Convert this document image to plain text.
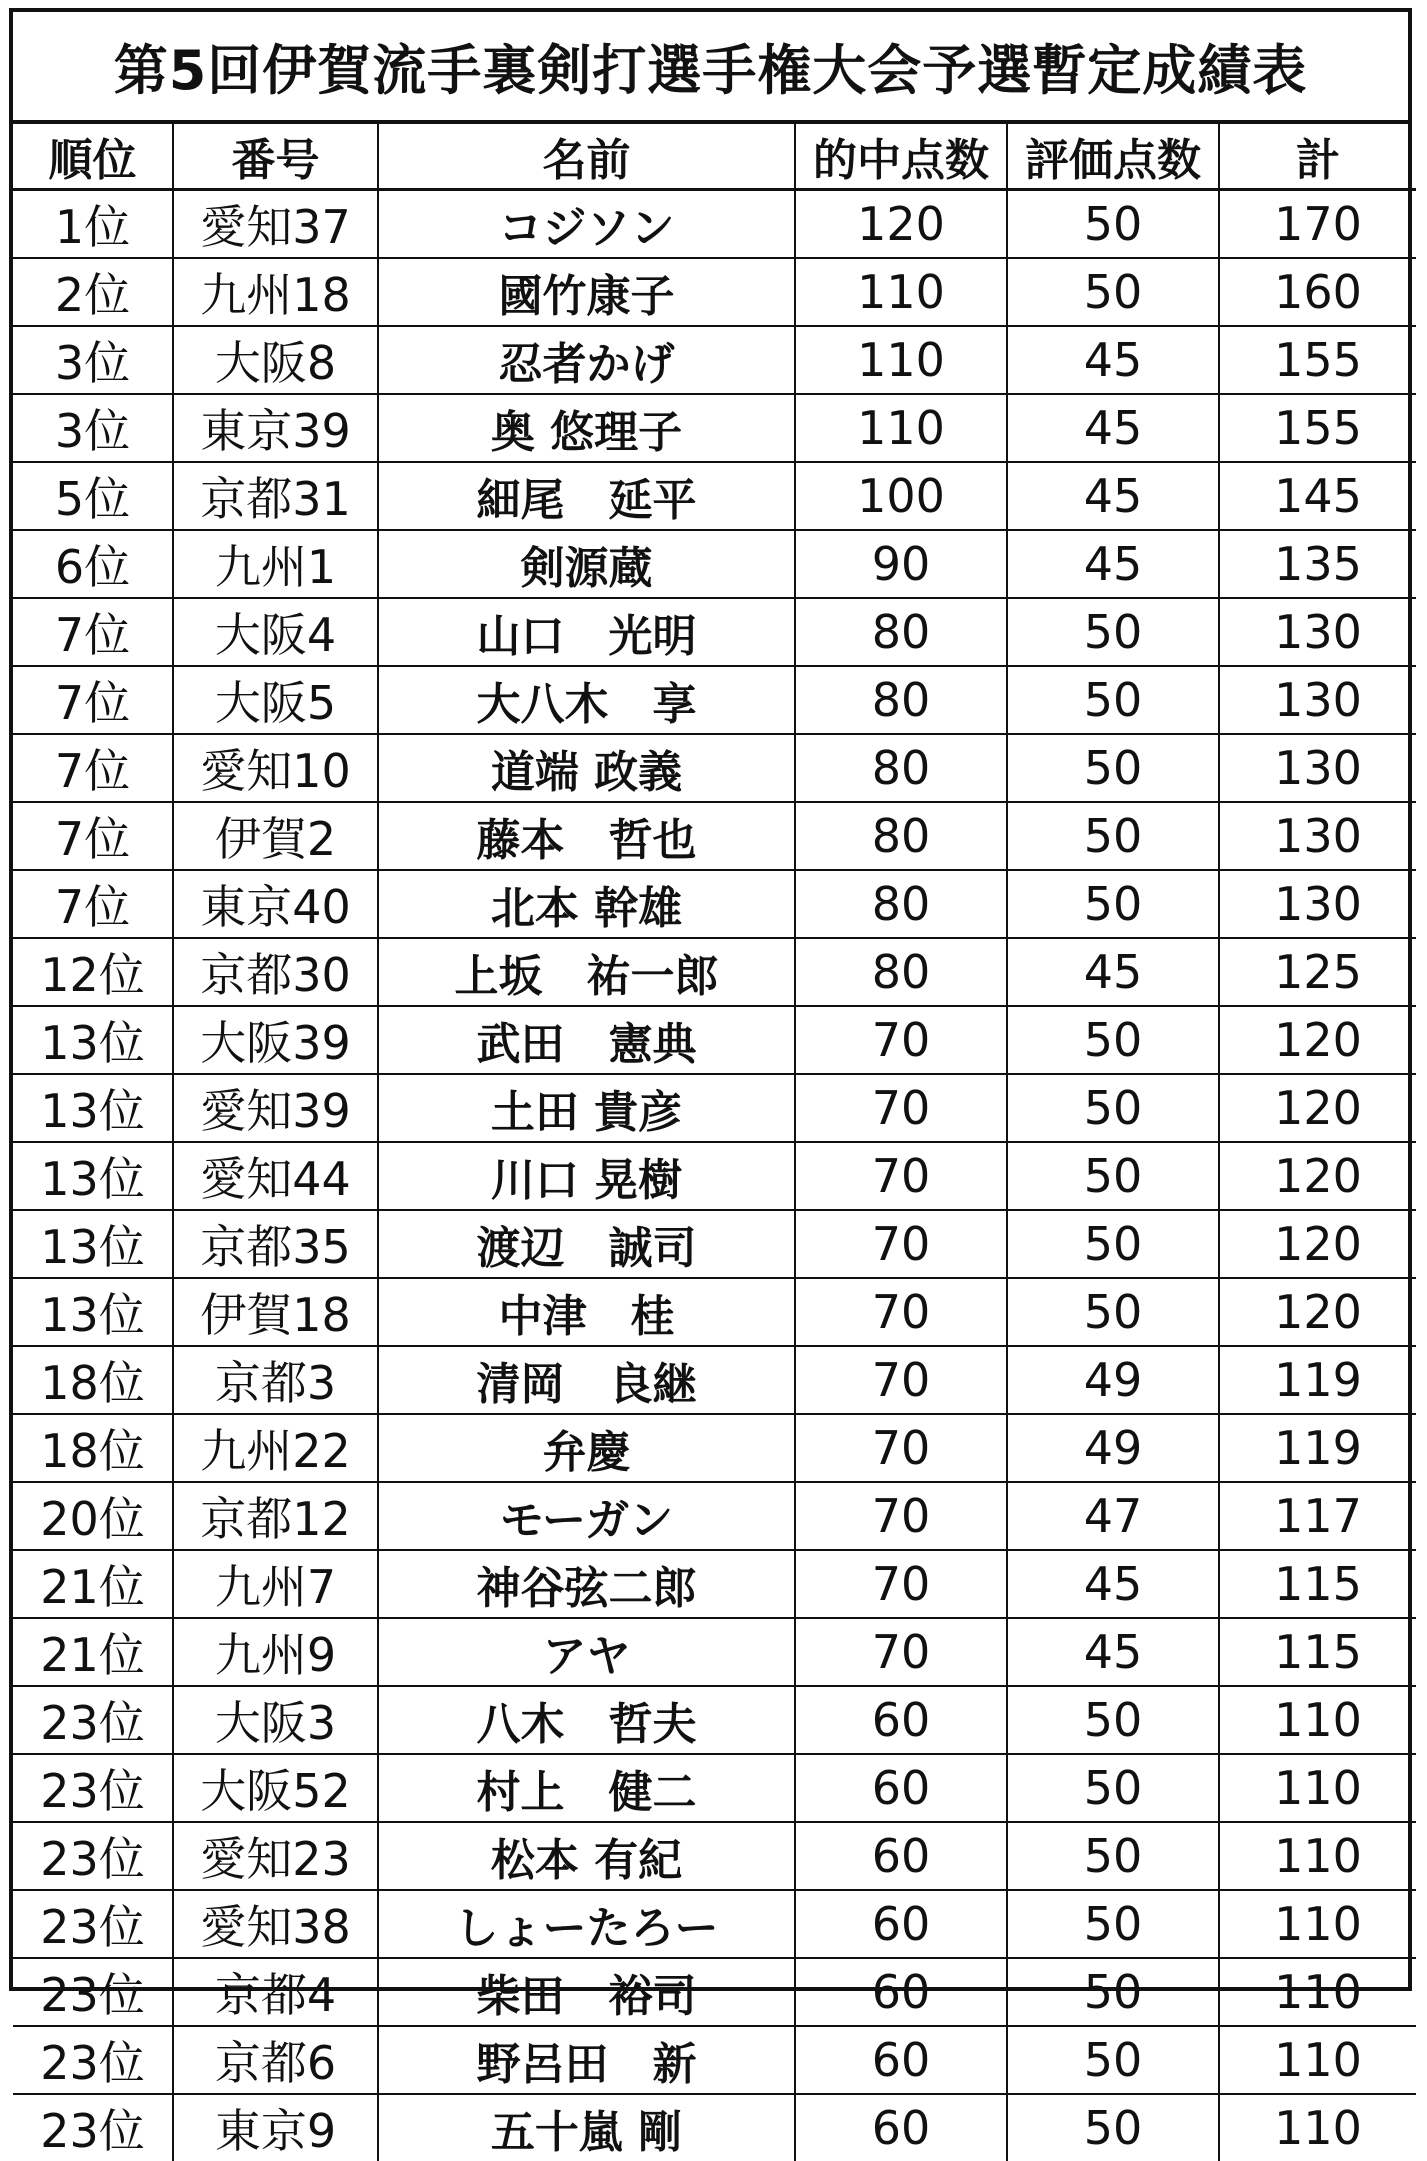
第5回伊賀流手裏剣打選手権大会予選暫定成績表
順位	番号	名前	的中点数	評価点数	計
1位	愛知37	コジソン	120	50	170
2位	九州18	國竹康子	110	50	160
3位	大阪8	忍者かげ	110	45	155
3位	東京39	奥 悠理子	110	45	155
5位	京都31	細尾　延平	100	45	145
6位	九州1	剣源蔵	90	45	135
7位	大阪4	山口　光明	80	50	130
7位	大阪5	大八木　享	80	50	130
7位	愛知10	道端 政義	80	50	130
7位	伊賀2	藤本　哲也	80	50	130
7位	東京40	北本 幹雄	80	50	130
12位	京都30	上坂　祐一郎	80	45	125
13位	大阪39	武田　憲典	70	50	120
13位	愛知39	土田 貴彦	70	50	120
13位	愛知44	川口 晃樹	70	50	120
13位	京都35	渡辺　誠司	70	50	120
13位	伊賀18	中津　桂	70	50	120
18位	京都3	清岡　良継	70	49	119
18位	九州22	弁慶	70	49	119
20位	京都12	モーガン	70	47	117
21位	九州7	神谷弦二郎	70	45	115
21位	九州9	アヤ	70	45	115
23位	大阪3	八木　哲夫	60	50	110
23位	大阪52	村上　健二	60	50	110
23位	愛知23	松本 有紀	60	50	110
23位	愛知38	しょーたろー	60	50	110
23位	京都4	柴田　裕司	60	50	110
23位	京都6	野呂田　新	60	50	110
23位	東京9	五十嵐 剛	60	50	110
